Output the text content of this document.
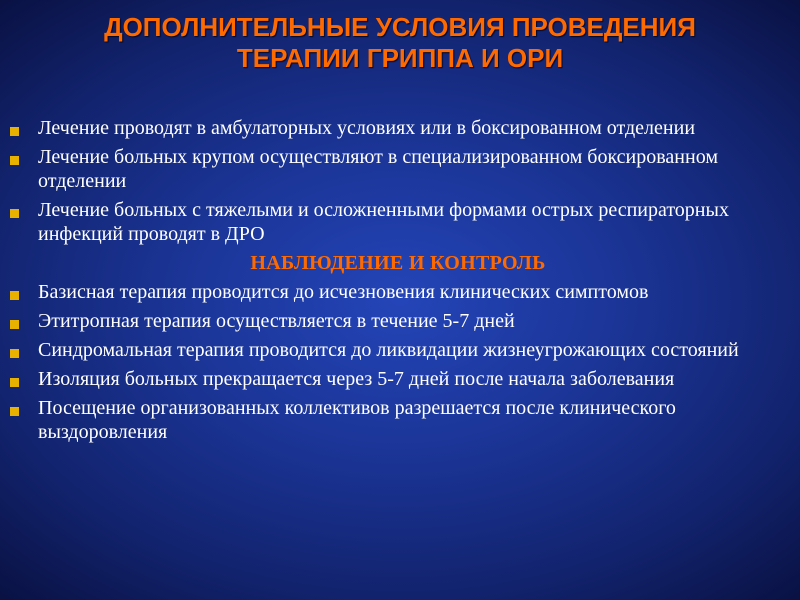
ДОПОЛНИТЕЛЬНЫЕ УСЛОВИЯ ПРОВЕДЕНИЯ
ТЕРАПИИ ГРИППА И ОРИ
Лечение проводят в амбулаторных условиях или в боксированном отделении
Лечение больных крупом осуществляют в специализированном боксированном отделении
Лечение больных с тяжелыми и осложненными формами острых респираторных инфекций проводят в ДРО
НАБЛЮДЕНИЕ И КОНТРОЛЬ
Базисная терапия проводится до исчезновения клинических симптомов
Этитропная терапия осуществляется в течение 5-7 дней
Синдромальная терапия проводится до ликвидации жизнеугрожающих состояний
Изоляция больных прекращается через 5-7 дней после начала заболевания
Посещение организованных коллективов разрешается после клинического выздоровления
